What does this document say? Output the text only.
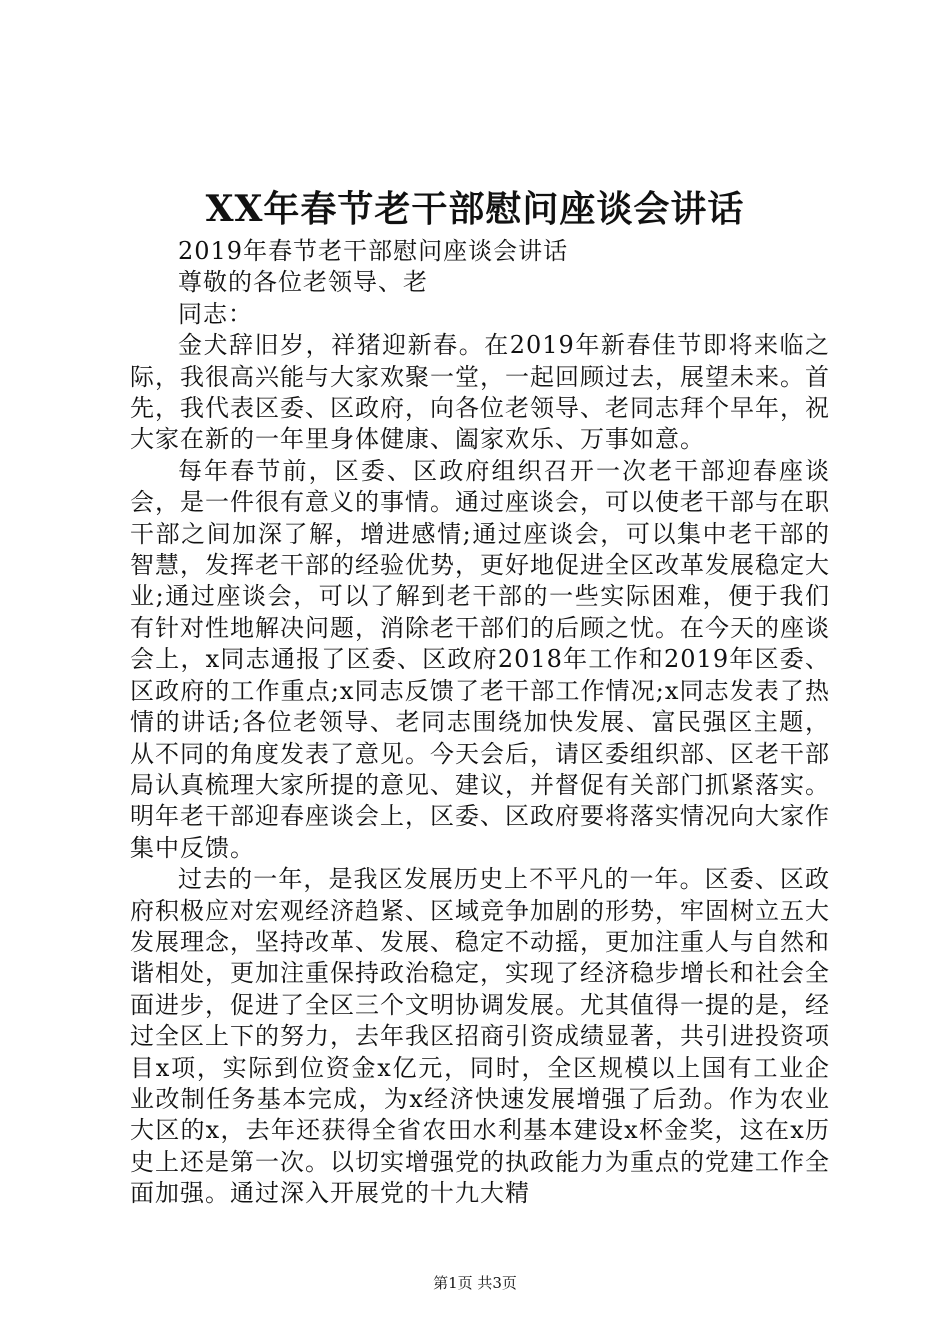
XX年春节老干部慰问座谈会讲话

2019年春节老干部慰问座谈会讲话

尊敬的各位老领导、老

同志：

金犬辞旧岁，祥猪迎新春。在2019年新春佳节即将来临之际，我很高兴能与大家欢聚一堂，一起回顾过去，展望未来。首先，我代表区委、区政府，向各位老领导、老同志拜个早年，祝大家在新的一年里身体健康、阖家欢乐、万事如意。

每年春节前，区委、区政府组织召开一次老干部迎春座谈会，是一件很有意义的事情。通过座谈会，可以使老干部与在职干部之间加深了解，增进感情;通过座谈会，可以集中老干部的智慧，发挥老干部的经验优势，更好地促进全区改革发展稳定大业;通过座谈会，可以了解到老干部的一些实际困难，便于我们有针对性地解决问题，消除老干部们的后顾之忧。在今天的座谈会上，x同志通报了区委、区政府2018年工作和2019年区委、区政府的工作重点;x同志反馈了老干部工作情况;x同志发表了热情的讲话;各位老领导、老同志围绕加快发展、富民强区主题，从不同的角度发表了意见。今天会后，请区委组织部、区老干部局认真梳理大家所提的意见、建议，并督促有关部门抓紧落实。明年老干部迎春座谈会上，区委、区政府要将落实情况向大家作集中反馈。

过去的一年，是我区发展历史上不平凡的一年。区委、区政府积极应对宏观经济趋紧、区域竞争加剧的形势，牢固树立五大发展理念，坚持改革、发展、稳定不动摇，更加注重人与自然和谐相处，更加注重保持政治稳定，实现了经济稳步增长和社会全面进步，促进了全区三个文明协调发展。尤其值得一提的是，经过全区上下的努力，去年我区招商引资成绩显著，共引进投资项目x项，实际到位资金x亿元，同时，全区规模以上国有工业企业改制任务基本完成，为x经济快速发展增强了后劲。作为农业大区的x，去年还获得全省农田水利基本建设x杯金奖，这在x历史上还是第一次。以切实增强党的执政能力为重点的党建工作全面加强。通过深入开展党的十九大精

第1页 共3页
